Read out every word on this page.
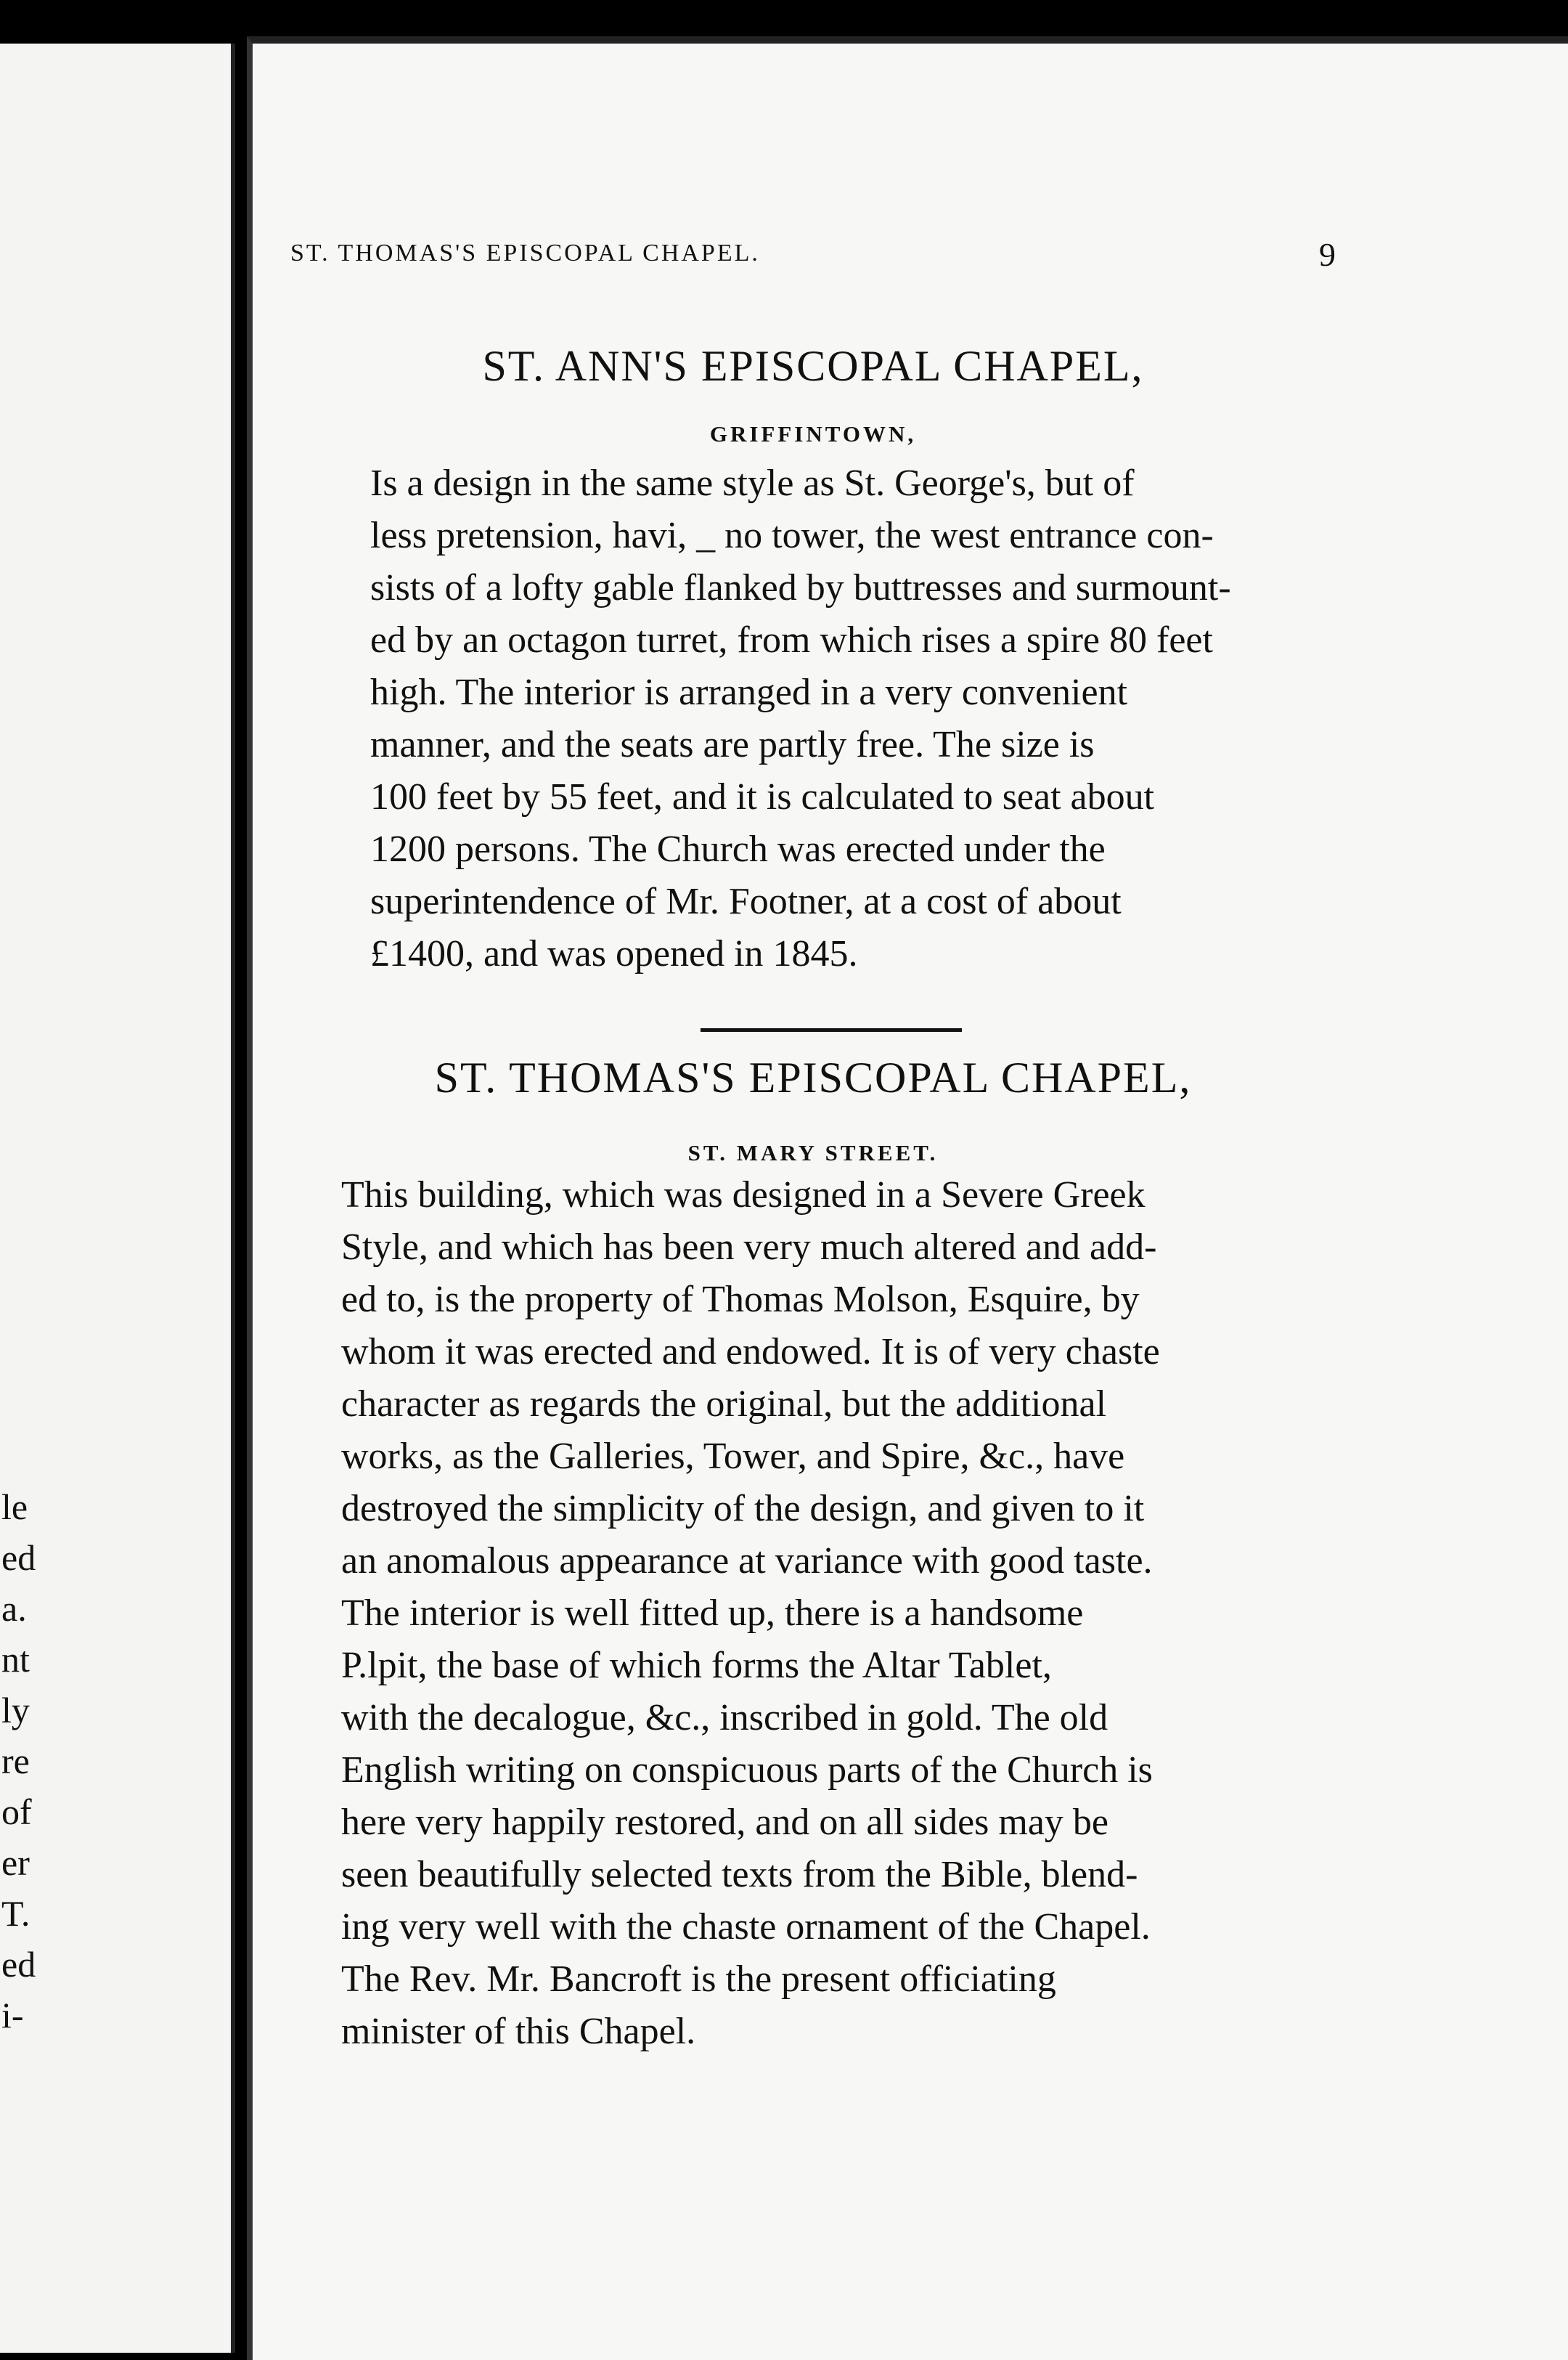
le
ed
a.
nt
ly
re
of
er
T.
ed
i-
ST. THOMAS'S EPISCOPAL CHAPEL.	9
ST. ANN'S EPISCOPAL CHAPEL,
GRIFFINTOWN,
Is a design in the same style as St. George's, but of
less pretension, havi, _ no tower, the west entrance con-
sists of a lofty gable flanked by buttresses and surmount-
ed by an octagon turret, from which rises a spire 80 feet
high. The interior is arranged in a very convenient
manner, and the seats are partly free. The size is
100 feet by 55 feet, and it is calculated to seat about
1200 persons. The Church was erected under the
superintendence of Mr. Footner, at a cost of about
£1400, and was opened in 1845.
ST. THOMAS'S EPISCOPAL CHAPEL,
ST. MARY STREET.
This building, which was designed in a Severe Greek
Style, and which has been very much altered and add-
ed to, is the property of Thomas Molson, Esquire, by
whom it was erected and endowed. It is of very chaste
character as regards the original, but the additional
works, as the Galleries, Tower, and Spire, &c., have
destroyed the simplicity of the design, and given to it
an anomalous appearance at variance with good taste.
The interior is well fitted up, there is a handsome
P.lpit, the base of which forms the Altar Tablet,
with the decalogue, &c., inscribed in gold. The old
English writing on conspicuous parts of the Church is
here very happily restored, and on all sides may be
seen beautifully selected texts from the Bible, blend-
ing very well with the chaste ornament of the Chapel.
The Rev. Mr. Bancroft is the present officiating
minister of this Chapel.
